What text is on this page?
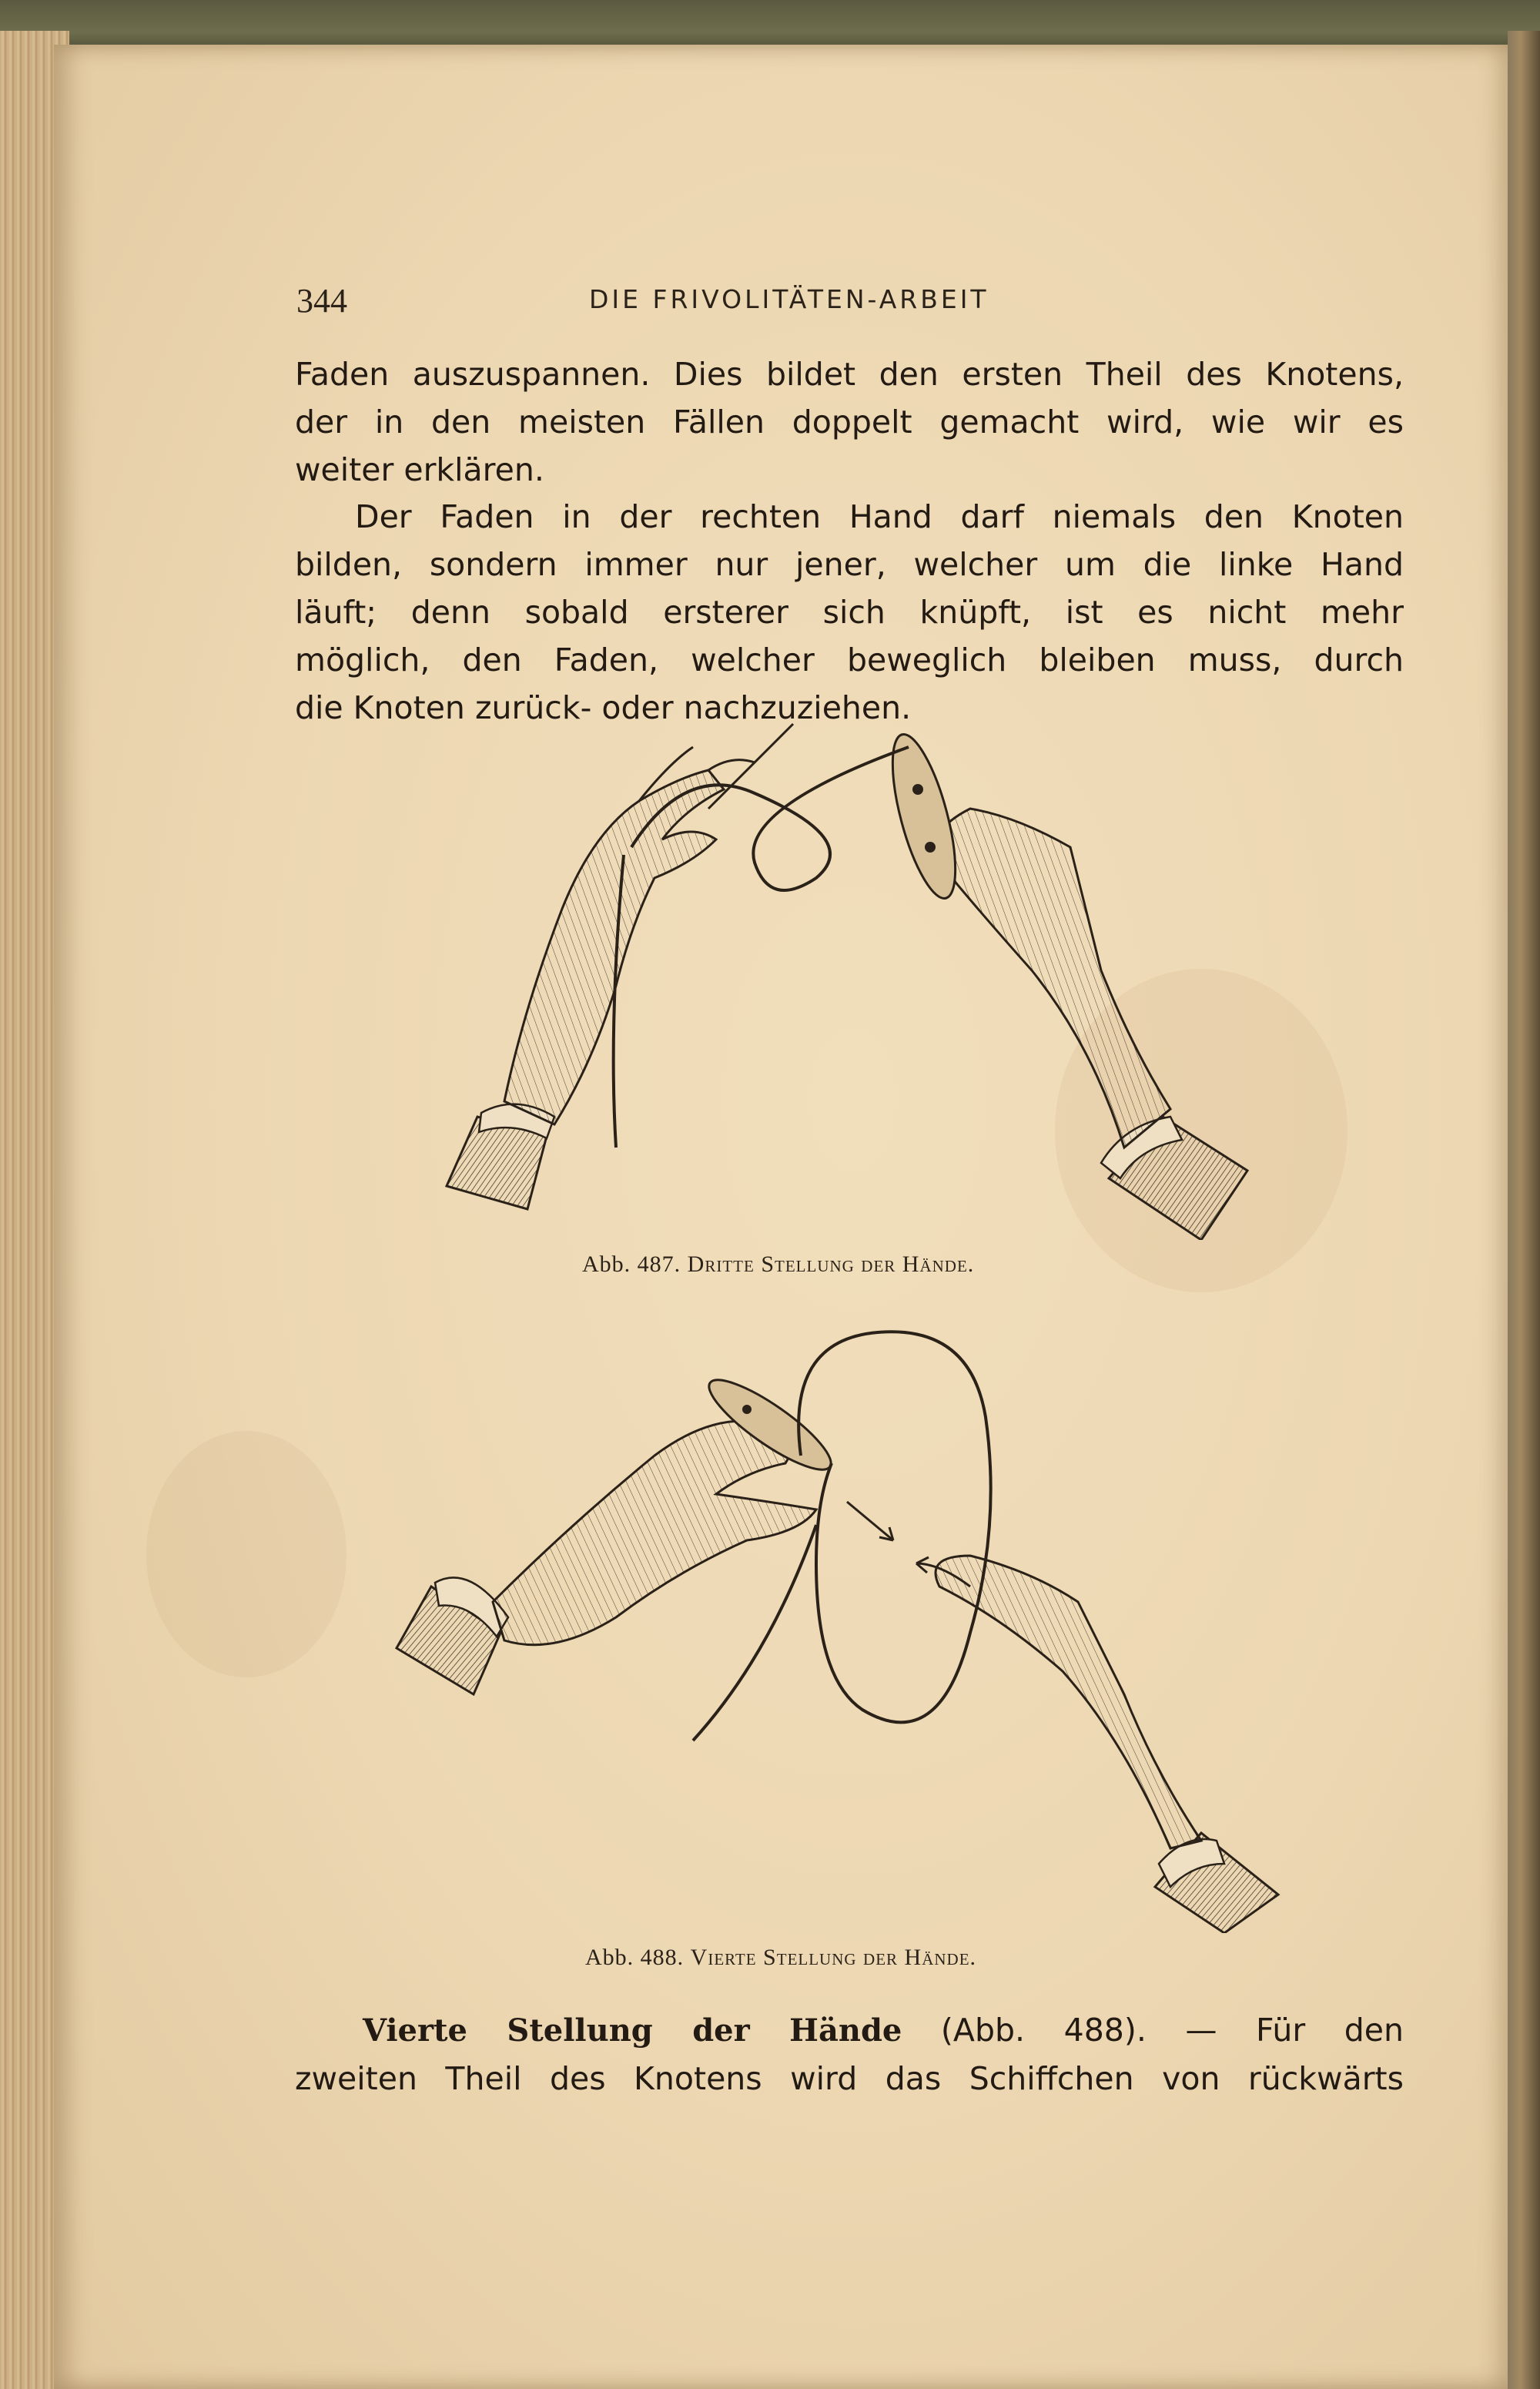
344	DIE FRIVOLITÄTEN-ARBEIT
Faden auszuspannen. Dies bildet den ersten Theil des Knotens,
der in den meisten Fällen doppelt gemacht wird, wie wir es
weiter erklären.
Der Faden in der rechten Hand darf niemals den Knoten
bilden, sondern immer nur jener, welcher um die linke Hand
läuft; denn sobald ersterer sich knüpft, ist es nicht mehr
möglich, den Faden, welcher beweglich bleiben muss, durch
die Knoten zurück- oder nachzuziehen.
Abb. 487. Dritte Stellung der Hände.
Abb. 488. Vierte Stellung der Hände.
Vierte Stellung der Hände (Abb. 488). — Für den
zweiten Theil des Knotens wird das Schiffchen von rückwärts
